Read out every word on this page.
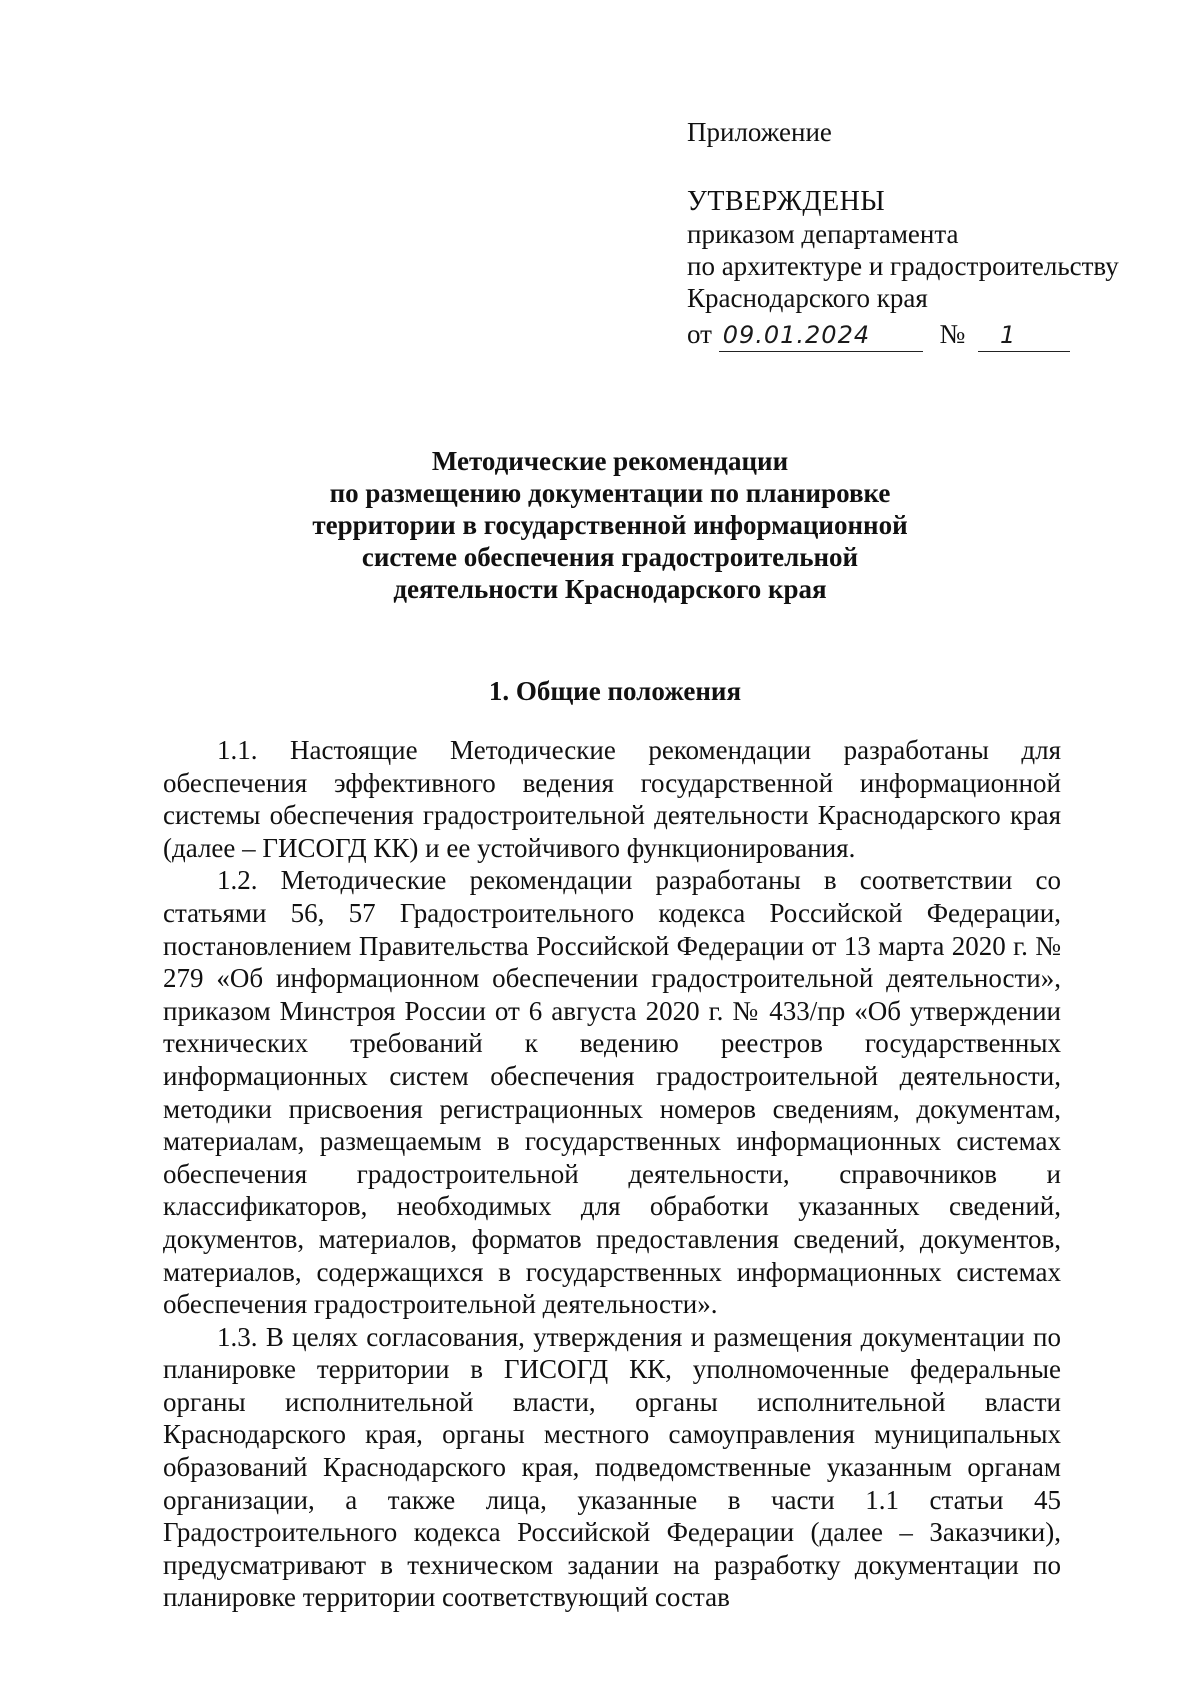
Приложение
УТВЕРЖДЕНЫ
приказом департамента
по архитектуре и градостроительству
Краснодарского края
от 09.01.2024	№ 1
Методические рекомендации
по размещению документации по планировке
территории в государственной информационной
системе обеспечения градостроительной
деятельности Краснодарского края
1. Общие положения

1.1. Настоящие Методические рекомендации разработаны для обеспечения эффективного ведения государственной информационной системы обеспечения градостроительной деятельности Краснодарского края (далее – ГИСОГД КК) и ее устойчивого функционирования.

1.2. Методические рекомендации разработаны в соответствии со статьями 56, 57 Градостроительного кодекса Российской Федерации, постановлением Правительства Российской Федерации от 13 марта 2020 г. № 279 «Об информационном обеспечении градостроительной деятельности», приказом Минстроя России от 6 августа 2020 г. № 433/пр «Об утверждении технических требований к ведению реестров государственных информационных систем обеспечения градостроительной деятельности, методики присвоения регистрационных номеров сведениям, документам, материалам, размещаемым в государственных информационных системах обеспечения градостроительной деятельности, справочников и классификаторов, необходимых для обработки указанных сведений, документов, материалов, форматов предоставления сведений, документов, материалов, содержащихся в государственных информационных системах обеспечения градостроительной деятельности».

1.3. В целях согласования, утверждения и размещения документации по планировке территории в ГИСОГД КК, уполномоченные федеральные органы исполнительной власти, органы исполнительной власти Краснодарского края, органы местного самоуправления муниципальных образований Краснодарского края, подведомственные указанным органам организации, а также лица, указанные в части 1.1 статьи 45 Градостроительного кодекса Российской Федерации (далее – Заказчики), предусматривают в техническом задании на разработку документации по планировке территории соответствующий состав
